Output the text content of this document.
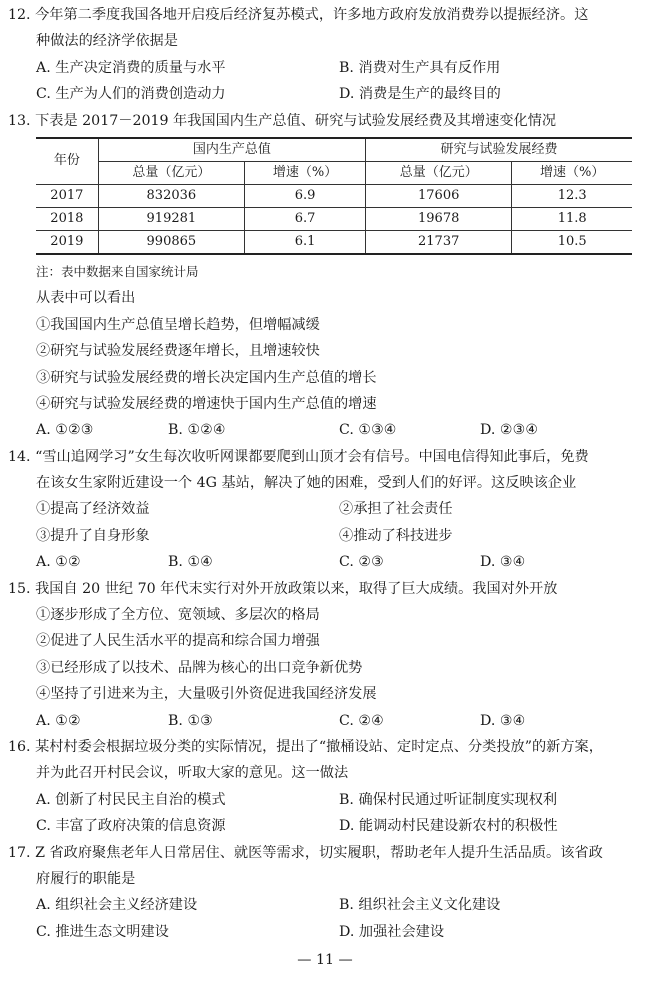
12. 今年第二季度我国各地开启疫后经济复苏模式，许多地方政府发放消费券以提振经济。这
种做法的经济学依据是
A. 生产决定消费的质量与水平	B. 消费对生产具有反作用
C. 生产为人们的消费创造动力	D. 消费是生产的最终目的
13. 下表是 2017－2019 年我国国内生产总值、研究与试验发展经费及其增速变化情况
年份	国内生产总值		研究与试验发展经费	
	总量（亿元）	增速（%）	总量（亿元）	增速（%）
2017	832036	6.9	17606	12.3
2018	919281	6.7	19678	11.8
2019	990865	6.1	21737	10.5
注：表中数据来自国家统计局
从表中可以看出
①我国国内生产总值呈增长趋势，但增幅减缓
②研究与试验发展经费逐年增长，且增速较快
③研究与试验发展经费的增长决定国内生产总值的增长
④研究与试验发展经费的增速快于国内生产总值的增速
A. ①②③	B. ①②④	C. ①③④	D. ②③④
14. “雪山追网学习”女生每次收听网课都要爬到山顶才会有信号。中国电信得知此事后，免费
在该女生家附近建设一个 4G 基站，解决了她的困难，受到人们的好评。这反映该企业
①提高了经济效益	②承担了社会责任
③提升了自身形象	④推动了科技进步
A. ①②	B. ①④	C. ②③	D. ③④
15. 我国自 20 世纪 70 年代末实行对外开放政策以来，取得了巨大成绩。我国对外开放
①逐步形成了全方位、宽领域、多层次的格局
②促进了人民生活水平的提高和综合国力增强
③已经形成了以技术、品牌为核心的出口竞争新优势
④坚持了引进来为主，大量吸引外资促进我国经济发展
A. ①②	B. ①③	C. ②④	D. ③④
16. 某村村委会根据垃圾分类的实际情况，提出了“撤桶设站、定时定点、分类投放”的新方案，
并为此召开村民会议，听取大家的意见。这一做法
A. 创新了村民民主自治的模式	B. 确保村民通过听证制度实现权利
C. 丰富了政府决策的信息资源	D. 能调动村民建设新农村的积极性
17. Z 省政府聚焦老年人日常居住、就医等需求，切实履职，帮助老年人提升生活品质。该省政
府履行的职能是
A. 组织社会主义经济建设	B. 组织社会主义文化建设
C. 推进生态文明建设	D. 加强社会建设
— 11 —
